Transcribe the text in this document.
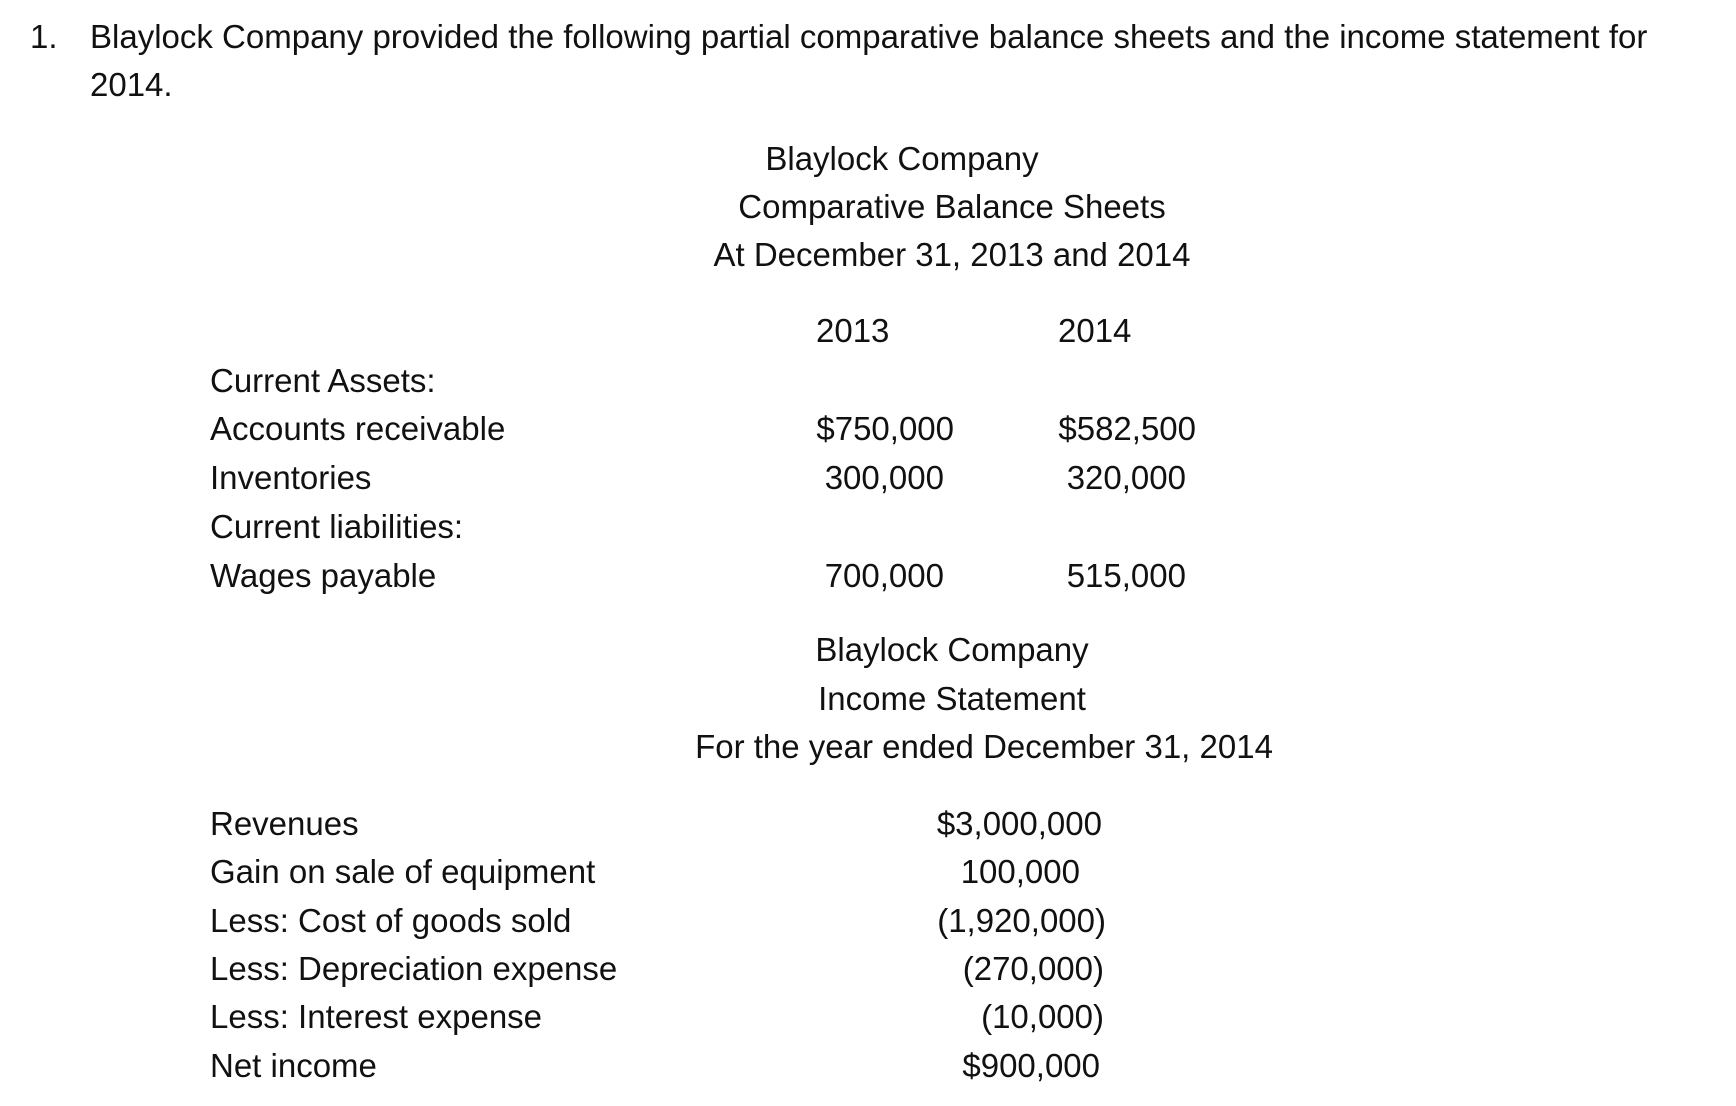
1. Blaylock Company provided the following partial comparative balance sheets and the income statement for
2014.
Blaylock Company
Comparative Balance Sheets
At December 31, 2013 and 2014
2013	2014
Current Assets:
Accounts receivable	$750,000	$582,500
Inventories	300,000	320,000
Current liabilities:
Wages payable	700,000	515,000
Blaylock Company
Income Statement
For the year ended December 31, 2014
Revenues	$3,000,000
Gain on sale of equipment	100,000
Less: Cost of goods sold	(1,920,000)
Less: Depreciation expense	(270,000)
Less: Interest expense	(10,000)
Net income	$900,000
